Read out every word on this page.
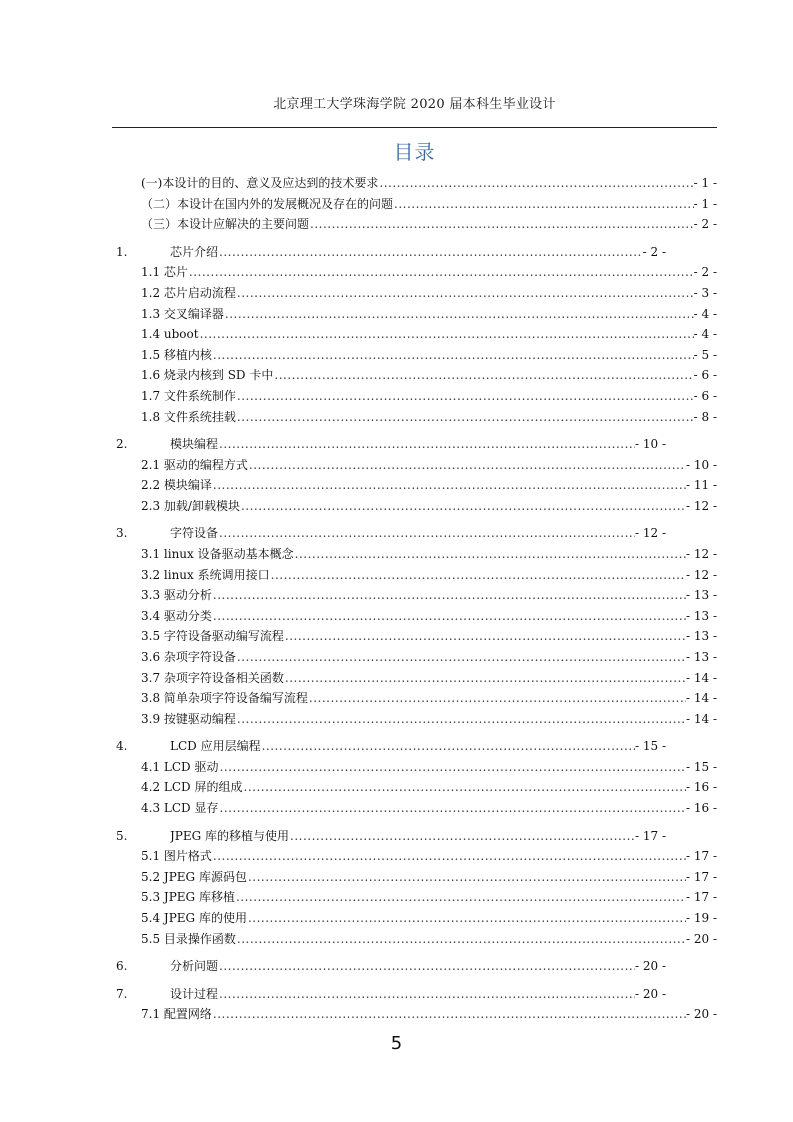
北京理工大学珠海学院 2020 届本科生毕业设计
目录
(一)本设计的目的、意义及应达到的技术要求 .....	- 1 -
（二）本设计在国内外的发展概况及存在的问题 .....	- 1 -
（三）本设计应解决的主要问题 .....	- 2 -
1.	芯片介绍 .....	- 2 -
1.1 芯片 .....	- 2 -
1.2 芯片启动流程 .....	- 3 -
1.3 交叉编译器 .....	- 4 -
1.4 uboot .....	- 4 -
1.5 移植内核 .....	- 5 -
1.6 烧录内核到 SD 卡中 .....	- 6 -
1.7 文件系统制作 .....	- 6 -
1.8 文件系统挂载 .....	- 8 -
2.	模块编程 .....	- 10 -
2.1 驱动的编程方式 .....	- 10 -
2.2 模块编译 .....	- 11 -
2.3 加载/卸载模块 .....	- 12 -
3.	字符设备 .....	- 12 -
3.1 linux 设备驱动基本概念 .....	- 12 -
3.2 linux 系统调用接口 .....	- 12 -
3.3 驱动分析 .....	- 13 -
3.4 驱动分类 .....	- 13 -
3.5 字符设备驱动编写流程 .....	- 13 -
3.6 杂项字符设备 .....	- 13 -
3.7 杂项字符设备相关函数 .....	- 14 -
3.8 简单杂项字符设备编写流程 .....	- 14 -
3.9 按键驱动编程 .....	- 14 -
4.	LCD 应用层编程 .....	- 15 -
4.1 LCD 驱动 .....	- 15 -
4.2 LCD 屏的组成 .....	- 16 -
4.3 LCD 显存 .....	- 16 -
5.	JPEG 库的移植与使用 .....	- 17 -
5.1 图片格式 .....	- 17 -
5.2 JPEG 库源码包 .....	- 17 -
5.3 JPEG 库移植 .....	- 17 -
5.4 JPEG 库的使用 .....	- 19 -
5.5 目录操作函数 .....	- 20 -
6.	分析问题 .....	- 20 -
7.	设计过程 .....	- 20 -
7.1 配置网络 .....	- 20 -
5
